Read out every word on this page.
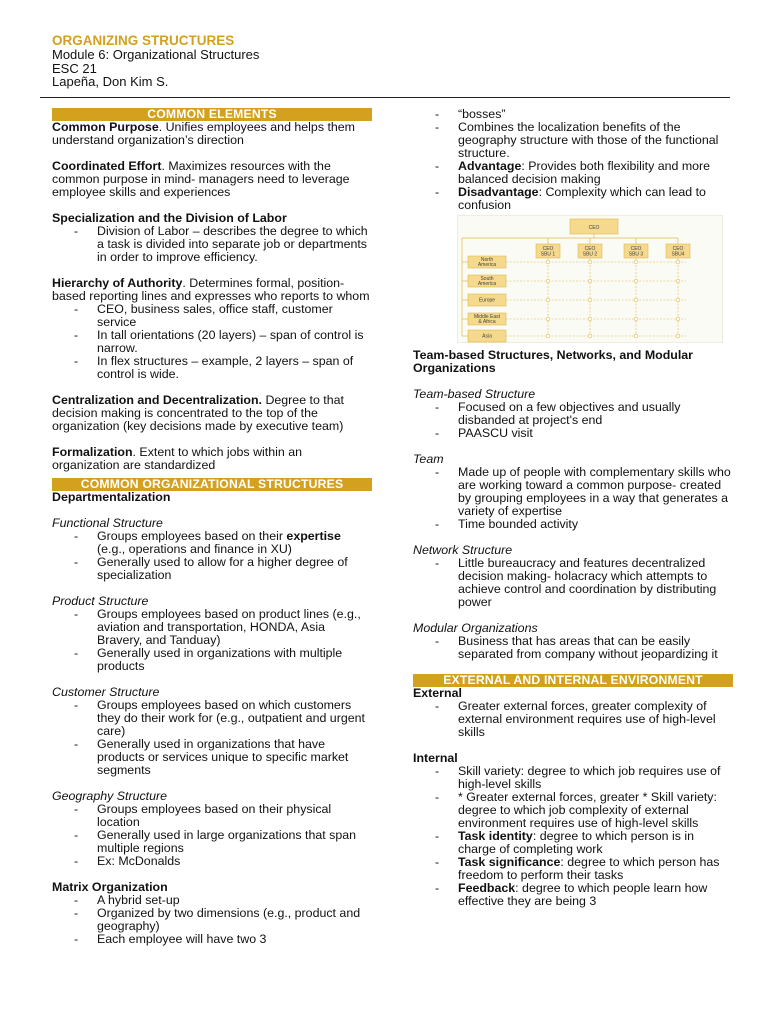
ORGANIZING STRUCTURES
Module 6: Organizational Structures
ESC 21
Lapeña, Don Kim S.
COMMON ELEMENTS

Common Purpose. Unifies employees and helps them understand organization’s direction

Coordinated Effort. Maximizes resources with the common purpose in mind- managers need to leverage employee skills and experiences

Specialization and the Division of Labor

- Division of Labor – describes the degree to which a task is divided into separate job or departments in order to improve efficiency.

Hierarchy of Authority. Determines formal, position-based reporting lines and expresses who reports to whom

- CEO, business sales, office staff, customer service
- In tall orientations (20 layers) – span of control is narrow.
- In flex structures – example, 2 layers – span of control is wide.

Centralization and Decentralization. Degree to that decision making is concentrated to the top of the organization (key decisions made by executive team)

Formalization. Extent to which jobs within an organization are standardized

COMMON ORGANIZATIONAL STRUCTURES

Departmentalization

Functional Structure

- Groups employees based on their expertise (e.g., operations and finance in XU)
- Generally used to allow for a higher degree of specialization

Product Structure

- Groups employees based on product lines (e.g., aviation and transportation, HONDA, Asia Bravery, and Tanduay)
- Generally used in organizations with multiple products

Customer Structure

- Groups employees based on which customers they do their work for (e.g., outpatient and urgent care)
- Generally used in organizations that have products or services unique to specific market segments

Geography Structure

- Groups employees based on their physical location
- Generally used in large organizations that span multiple regions
- Ex: McDonalds

Matrix Organization

- A hybrid set-up
- Organized by two dimensions (e.g., product and geography)
- Each employee will have two 3
- “bosses”
- Combines the localization benefits of the geography structure with those of the functional structure.
- Advantage: Provides both flexibility and more balanced decision making
- Disadvantage: Complexity which can lead to confusion
CEO
CEO
SBU 1
CEO
SBU 2
CEO
SBU 3
CEO
SBU4
North
America
South
America
Europe
Middle East
& Africa
Asia

Team-based Structures, Networks, and Modular Organizations

Team-based Structure

- Focused on a few objectives and usually disbanded at project's end
- PAASCU visit

Team

- Made up of people with complementary skills who are working toward a common purpose- created by grouping employees in a way that generates a variety of expertise
- Time bounded activity

Network Structure

- Little bureaucracy and features decentralized decision making- holacracy which attempts to achieve control and coordination by distributing power

Modular Organizations

- Business that has areas that can be easily separated from company without jeopardizing it
EXTERNAL AND INTERNAL ENVIRONMENT

External

- Greater external forces, greater complexity of external environment requires use of high-level skills

Internal

- Skill variety: degree to which job requires use of high-level skills
- * Greater external forces, greater * Skill variety: degree to which job complexity of external environment requires use of high-level skills
- Task identity: degree to which person is in charge of completing work
- Task significance: degree to which person has freedom to perform their tasks
- Feedback: degree to which people learn how effective they are being 3
